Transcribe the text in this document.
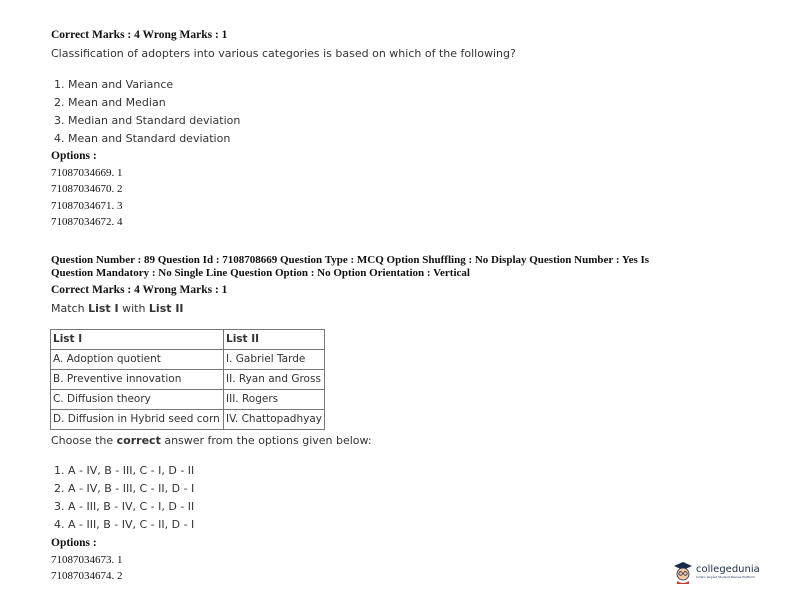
Correct Marks : 4 Wrong Marks : 1
Classification of adopters into various categories is based on which of the following?
1. Mean and Variance
2. Mean and Median
3. Median and Standard deviation
4. Mean and Standard deviation
Options :
71087034669. 1
71087034670. 2
71087034671. 3
71087034672. 4
Question Number : 89 Question Id : 7108708669 Question Type : MCQ Option Shuffling : No Display Question Number : Yes Is
Question Mandatory : No Single Line Question Option : No Option Orientation : Vertical
Correct Marks : 4 Wrong Marks : 1
Match List I with List II
List I	List II
A. Adoption quotient	I. Gabriel Tarde
B. Preventive innovation	II. Ryan and Gross
C. Diffusion theory	III. Rogers
D. Diffusion in Hybrid seed corn	IV. Chattopadhyay
Choose the correct answer from the options given below:
1. A - IV, B - III, C - I, D - II
2. A - IV, B - III, C - II, D - I
3. A - III, B - IV, C - I, D - II
4. A - III, B - IV, C - II, D - I
Options :
71087034673. 1
71087034674. 2
collegedunia
India's largest Student Review Platform
